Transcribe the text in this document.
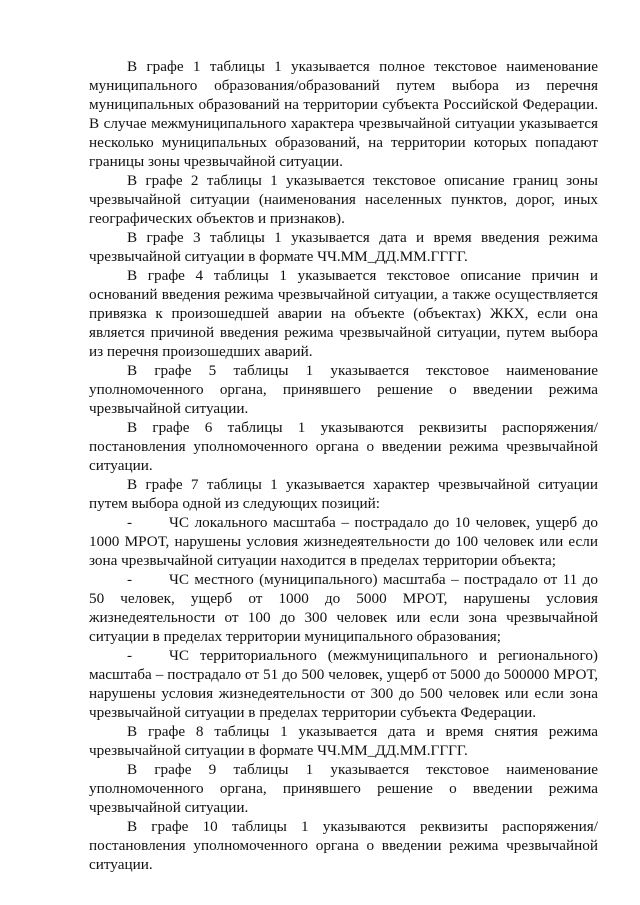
В графе 1 таблицы 1 указывается полное текстовое наименование муниципального образования/образований путем выбора из перечня муниципальных образований на территории субъекта Российской Федерации. В случае межмуниципального характера чрезвычайной ситуации указывается несколько муниципальных образований, на территории которых попадают границы зоны чрезвычайной ситуации.

В графе 2 таблицы 1 указывается текстовое описание границ зоны чрезвычайной ситуации (наименования населенных пунктов, дорог, иных географических объектов и признаков).

В графе 3 таблицы 1 указывается дата и время введения режима чрезвычайной ситуации в формате ЧЧ.ММ_ДД.ММ.ГГГГ.

В графе 4 таблицы 1 указывается текстовое описание причин и оснований введения режима чрезвычайной ситуации, а также осуществляется привязка к произошедшей аварии на объекте (объектах) ЖКХ, если она является причиной введения режима чрезвычайной ситуации, путем выбора из перечня произошедших аварий.

В графе 5 таблицы 1 указывается текстовое наименование уполномоченного органа, принявшего решение о введении режима чрезвычайной ситуации.

В графе 6 таблицы 1 указываются реквизиты распоряжения/постановления уполномоченного органа о введении режима чрезвычайной ситуации.

В графе 7 таблицы 1 указывается характер чрезвычайной ситуации путем выбора одной из следующих позиций:

- ЧС локального масштаба – пострадало до 10 человек, ущерб до 1000 МРОТ, нарушены условия жизнедеятельности до 100 человек или если зона чрезвычайной ситуации находится в пределах территории объекта;

- ЧС местного (муниципального) масштаба – пострадало от 11 до 50 человек, ущерб от 1000 до 5000 МРОТ, нарушены условия жизнедеятельности от 100 до 300 человек или если зона чрезвычайной ситуации в пределах территории муниципального образования;

- ЧС территориального (межмуниципального и регионального) масштаба – пострадало от 51 до 500 человек, ущерб от 5000 до 500000 МРОТ, нарушены условия жизнедеятельности от 300 до 500 человек или если зона чрезвычайной ситуации в пределах территории субъекта Федерации.

В графе 8 таблицы 1 указывается дата и время снятия режима чрезвычайной ситуации в формате ЧЧ.ММ_ДД.ММ.ГГГГ.

В графе 9 таблицы 1 указывается текстовое наименование уполномоченного органа, принявшего решение о введении режима чрезвычайной ситуации.

В графе 10 таблицы 1 указываются реквизиты распоряжения/постановления уполномоченного органа о введении режима чрезвычайной ситуации.
